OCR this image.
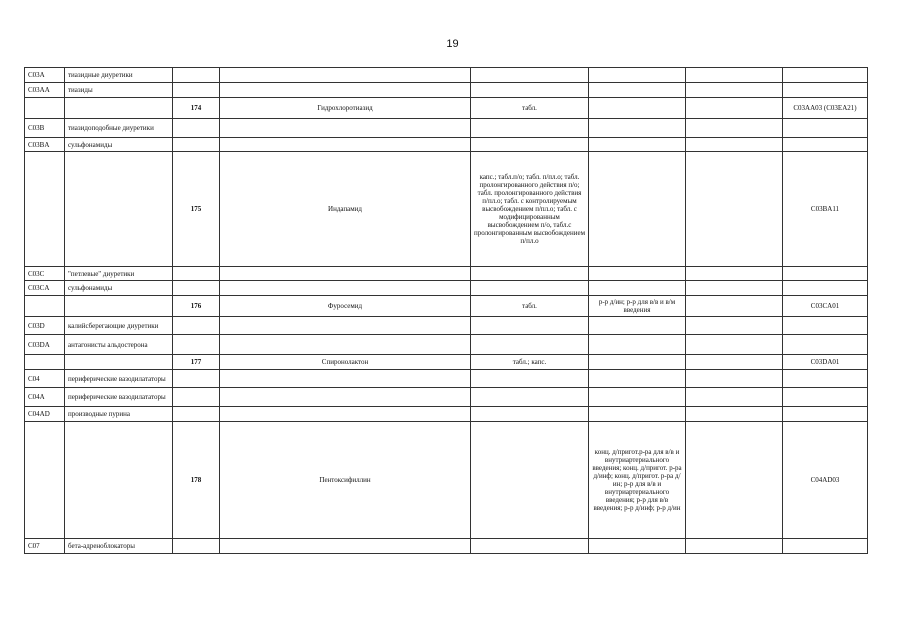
19
C03A	тиазидные диуретики						
C03AA	тиазиды						
		174	Гидрохлоротиазид	табл.			C03AA03 (C03EA21)
C03B	тиазидоподобные диуретики						
C03BA	сульфонамиды						
		175	Индапамид	капс.; табл.п/о; табл. п/пл.о; табл. пролонгированного действия п/о; табл. пролонгированного действия п/пл.о; табл. с контролируемым высвобождением п/пл.о; табл. с модифицированным высвобождением п/о, табл.с пролонгированным высвобождением п/пл.о			C03BA11
C03C	"петлевые" диуретики						
C03CA	сульфонамиды						
		176	Фуросемид	табл.	р-р д/ин; р-р для в/в и в/м введения		C03CA01
C03D	калийсберегающие диуретики						
C03DA	антагонисты альдостерона						
		177	Спиронолактон	табл.; капс.			C03DA01
C04	периферические вазодилататоры						
C04A	периферические вазодилататоры						
C04AD	производные пурина						
		178	Пентоксифиллин		конц. д/пригот.р-ра для в/в и внутриартериального введения; конц. д/пригот. р-ра д/инф; конц. д/пригот. р-ра д/ин; р-р для в/в и внутриартериального введения; р-р для в/в введения; р-р д/инф; р-р д/ин		C04AD03
C07	бета-адреноблокаторы						
